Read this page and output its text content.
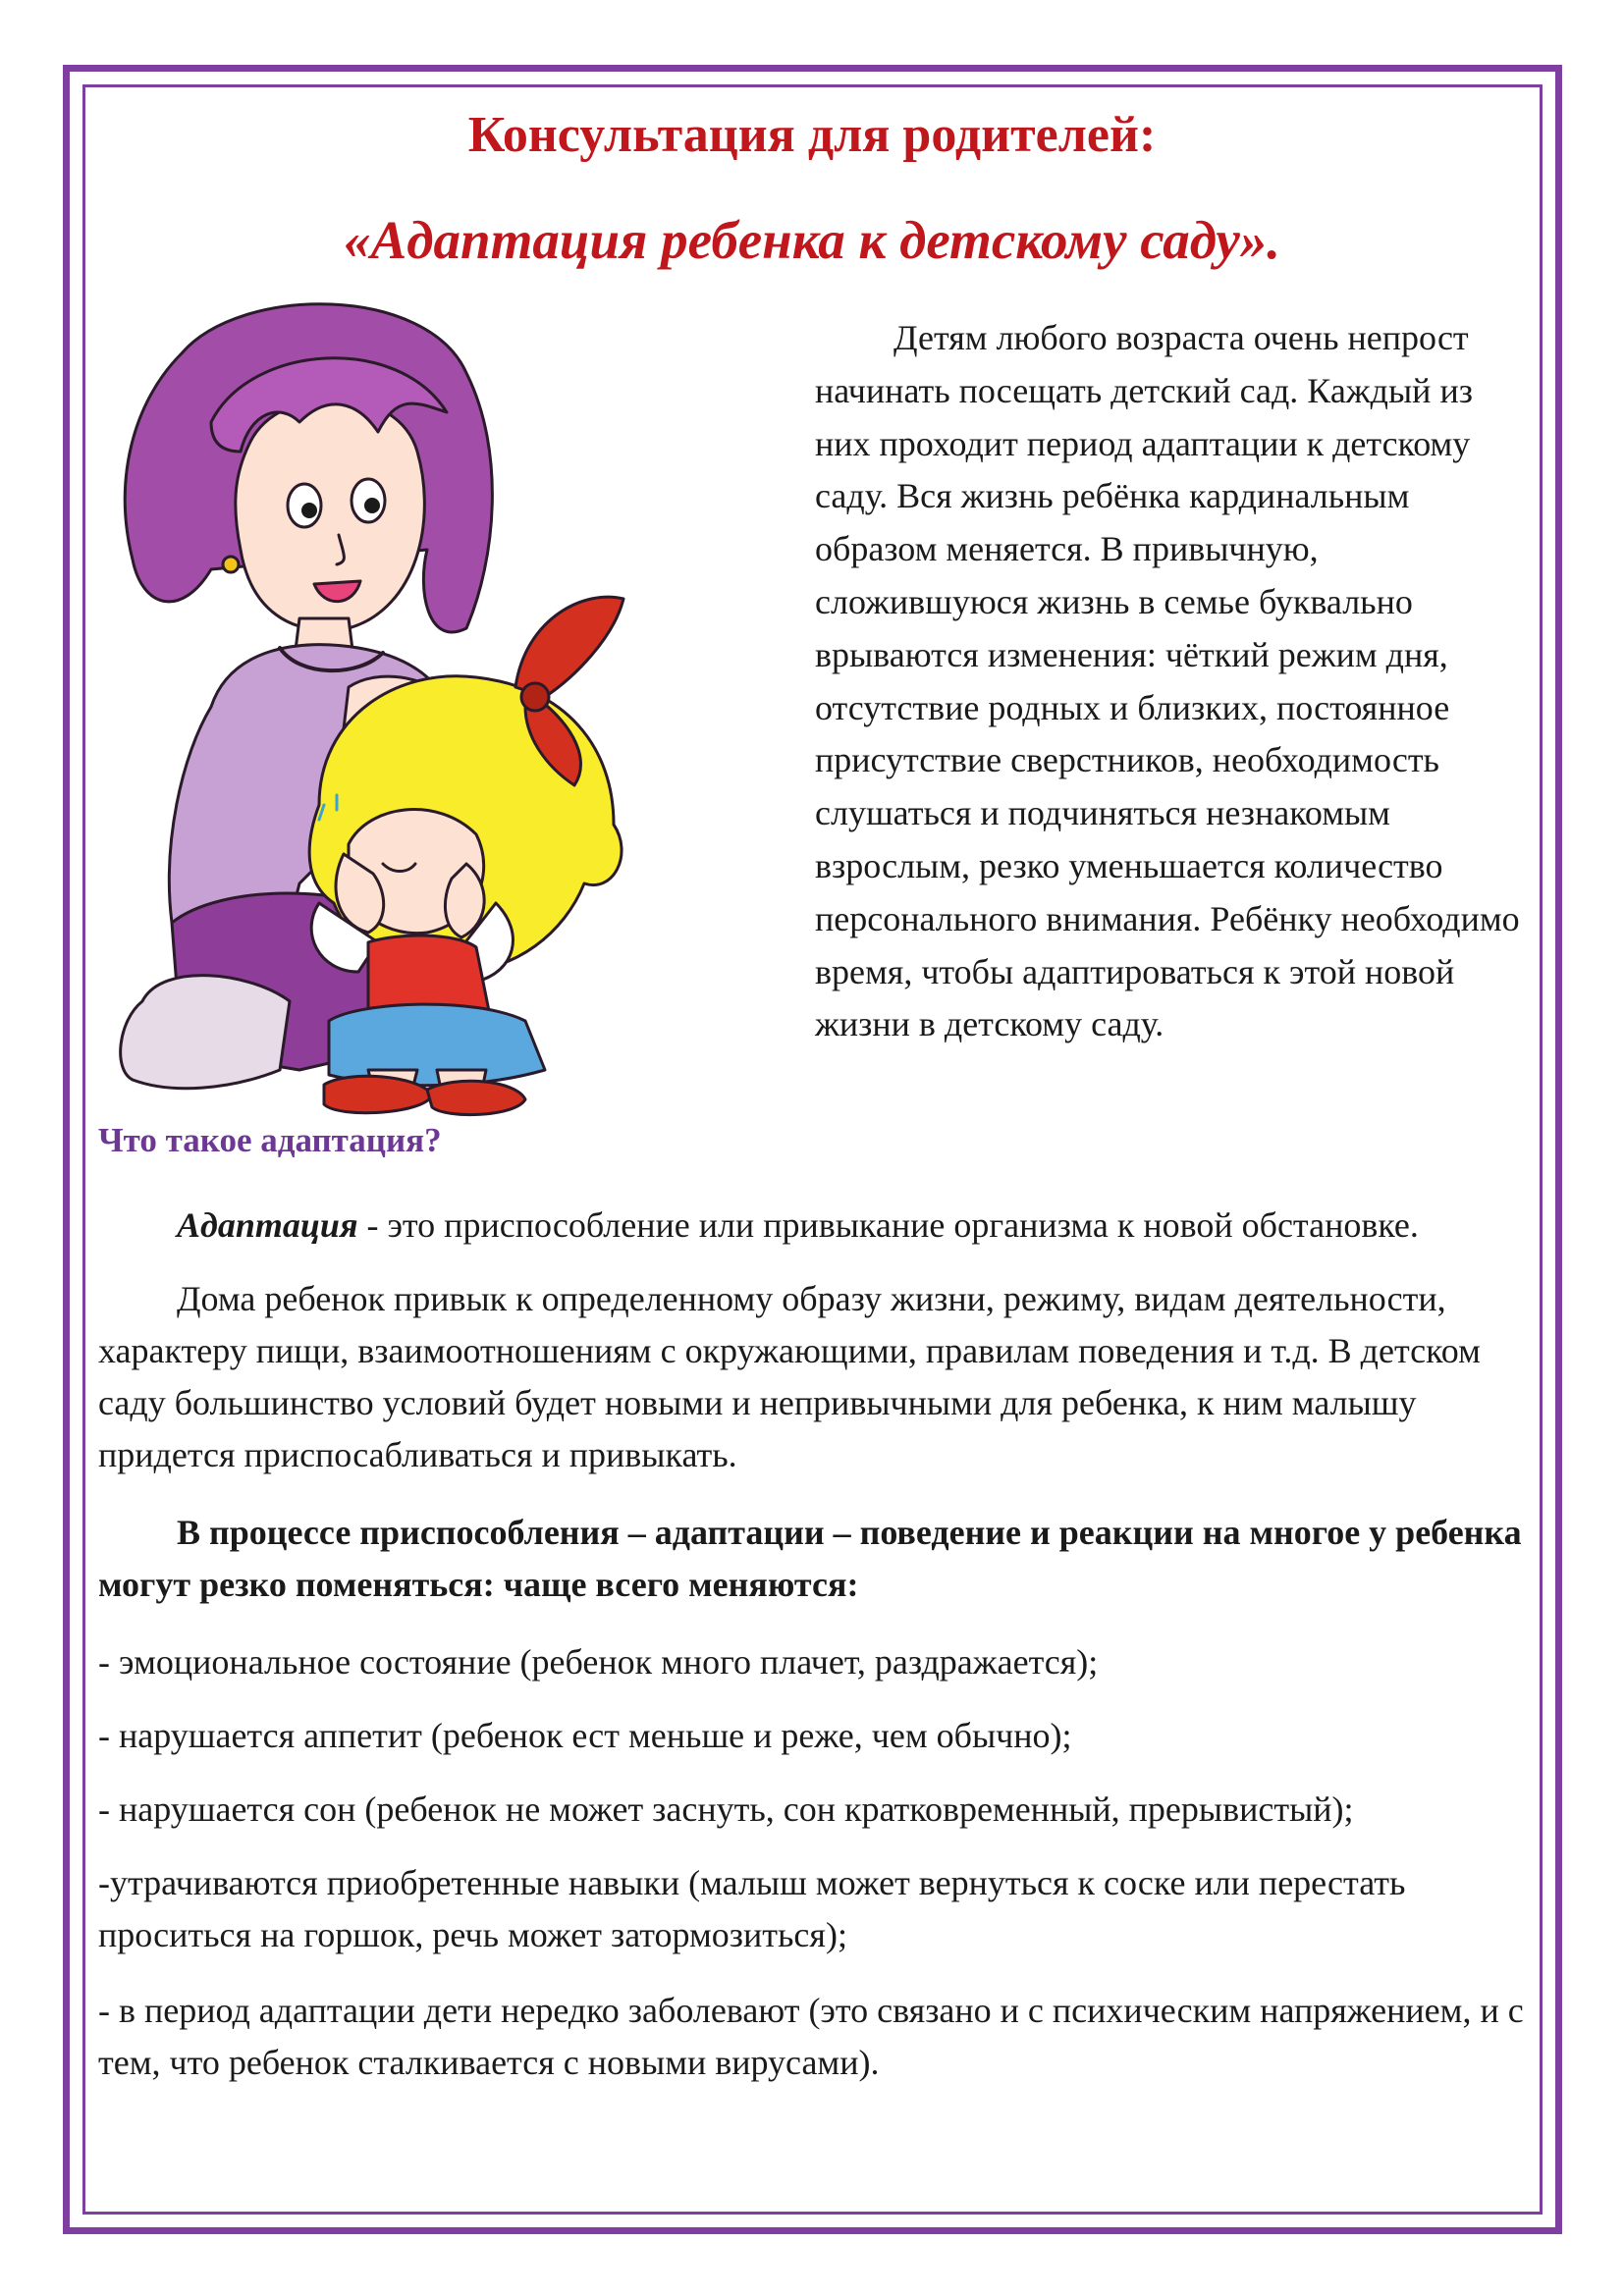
Консультация для родителей:
«Адаптация ребенка к детскому саду».

Детям любого возраста очень непрост начинать посещать детский сад. Каждый из них проходит период адаптации к детскому саду. Вся жизнь ребёнка кардинальным образом меняется. В привычную, сложившуюся жизнь в семье буквально врываются изменения: чёткий режим дня, отсутствие родных и близких, постоянное присутствие сверстников, необходимость слушаться и подчиняться незнакомым взрослым, резко уменьшается количество персонального внимания. Ребёнку необходимо время, чтобы адаптироваться к этой новой жизни в детскому саду.

Что такое адаптация?

Адаптация - это приспособление или привыкание организма к новой обстановке.

Дома ребенок привык к определенному образу жизни, режиму, видам деятельности, характеру пищи, взаимоотношениям с окружающими, правилам поведения и т.д. В детском саду большинство условий будет новыми и непривычными для ребенка, к ним малышу придется приспосабливаться и привыкать.

В процессе приспособления – адаптации – поведение и реакции на многое у ребенка могут резко поменяться: чаще всего меняются:

- эмоциональное состояние (ребенок много плачет, раздражается);

- нарушается аппетит (ребенок ест меньше и реже, чем обычно);

- нарушается сон (ребенок не может заснуть, сон кратковременный, прерывистый);

-утрачиваются приобретенные навыки (малыш может вернуться к соске или перестать проситься на горшок, речь может затормозиться);

- в период адаптации дети нередко заболевают (это связано и с психическим напряжением, и с тем, что ребенок сталкивается с новыми вирусами).
